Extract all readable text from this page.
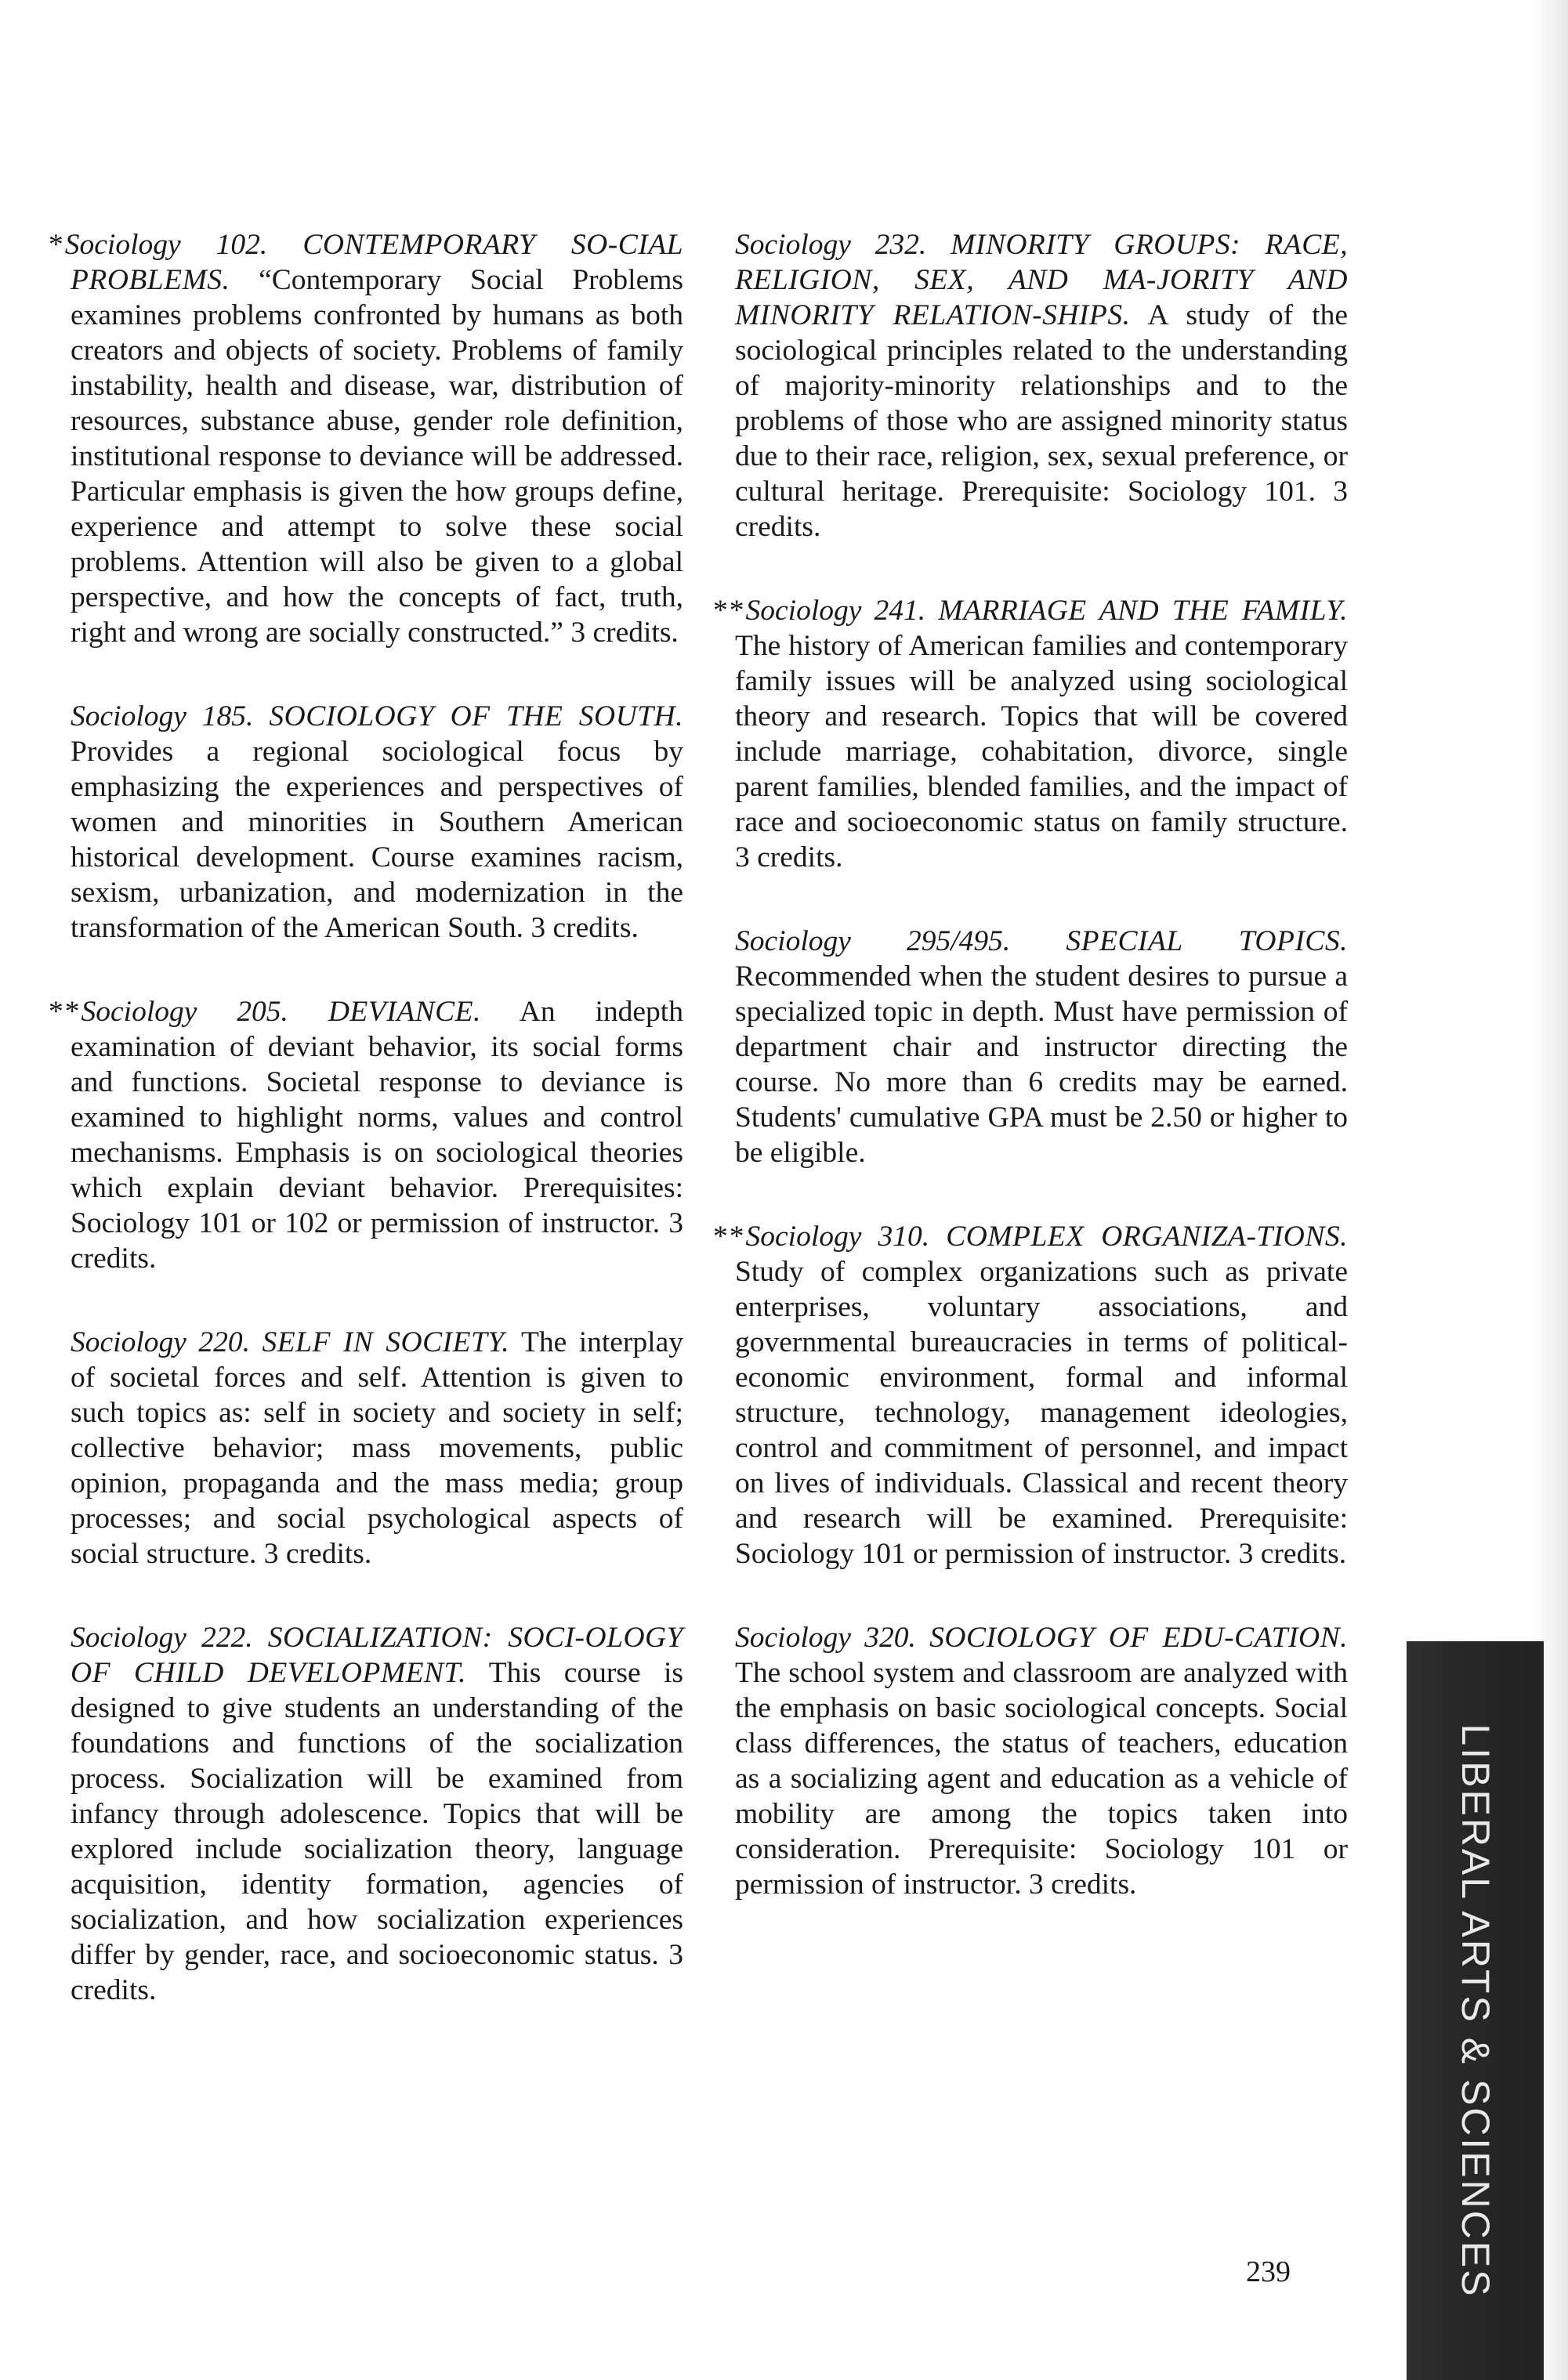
*Sociology 102. CONTEMPORARY SO-CIAL PROBLEMS. “Contemporary Social Problems examines problems confronted by humans as both creators and objects of society. Problems of family instability, health and disease, war, distribution of resources, substance abuse, gender role definition, institutional response to deviance will be addressed. Particular emphasis is given the how groups define, experience and attempt to solve these social problems. Attention will also be given to a global perspective, and how the concepts of fact, truth, right and wrong are socially constructed.” 3 credits.

Sociology 185. SOCIOLOGY OF THE SOUTH. Provides a regional sociological focus by emphasizing the experiences and perspectives of women and minorities in Southern American historical development. Course examines racism, sexism, urbanization, and modernization in the transformation of the American South. 3 credits.

**Sociology 205. DEVIANCE. An indepth examination of deviant behavior, its social forms and functions. Societal response to deviance is examined to highlight norms, values and control mechanisms. Emphasis is on sociological theories which explain deviant behavior. Prerequisites: Sociology 101 or 102 or permission of instructor. 3 credits.

Sociology 220. SELF IN SOCIETY. The interplay of societal forces and self. Attention is given to such topics as: self in society and society in self; collective behavior; mass movements, public opinion, propaganda and the mass media; group processes; and social psychological aspects of social structure. 3 credits.

Sociology 222. SOCIALIZATION: SOCI-OLOGY OF CHILD DEVELOPMENT. This course is designed to give students an understanding of the foundations and functions of the socialization process. Socialization will be examined from infancy through adolescence. Topics that will be explored include socialization theory, language acquisition, identity formation, agencies of socialization, and how socialization experiences differ by gender, race, and socioeconomic status. 3 credits.

Sociology 232. MINORITY GROUPS: RACE, RELIGION, SEX, AND MA-JORITY AND MINORITY RELATION-SHIPS. A study of the sociological principles related to the understanding of majority-minority relationships and to the problems of those who are assigned minority status due to their race, religion, sex, sexual preference, or cultural heritage. Prerequisite: Sociology 101. 3 credits.

**Sociology 241. MARRIAGE AND THE FAMILY. The history of American families and contemporary family issues will be analyzed using sociological theory and research. Topics that will be covered include marriage, cohabitation, divorce, single parent families, blended families, and the impact of race and socioeconomic status on family structure. 3 credits.

Sociology 295/495. SPECIAL TOPICS. Recommended when the student desires to pursue a specialized topic in depth. Must have permission of department chair and instructor directing the course. No more than 6 credits may be earned. Students' cumulative GPA must be 2.50 or higher to be eligible.

**Sociology 310. COMPLEX ORGANIZA-TIONS. Study of complex organizations such as private enterprises, voluntary associations, and governmental bureaucracies in terms of political-economic environment, formal and informal structure, technology, management ideologies, control and commitment of personnel, and impact on lives of individuals. Classical and recent theory and research will be examined. Prerequisite: Sociology 101 or permission of instructor. 3 credits.

Sociology 320. SOCIOLOGY OF EDU-CATION. The school system and classroom are analyzed with the emphasis on basic sociological concepts. Social class differences, the status of teachers, education as a socializing agent and education as a vehicle of mobility are among the topics taken into consideration. Prerequisite: Sociology 101 or permission of instructor. 3 credits.

239	LIBERAL ARTS & SCIENCES
